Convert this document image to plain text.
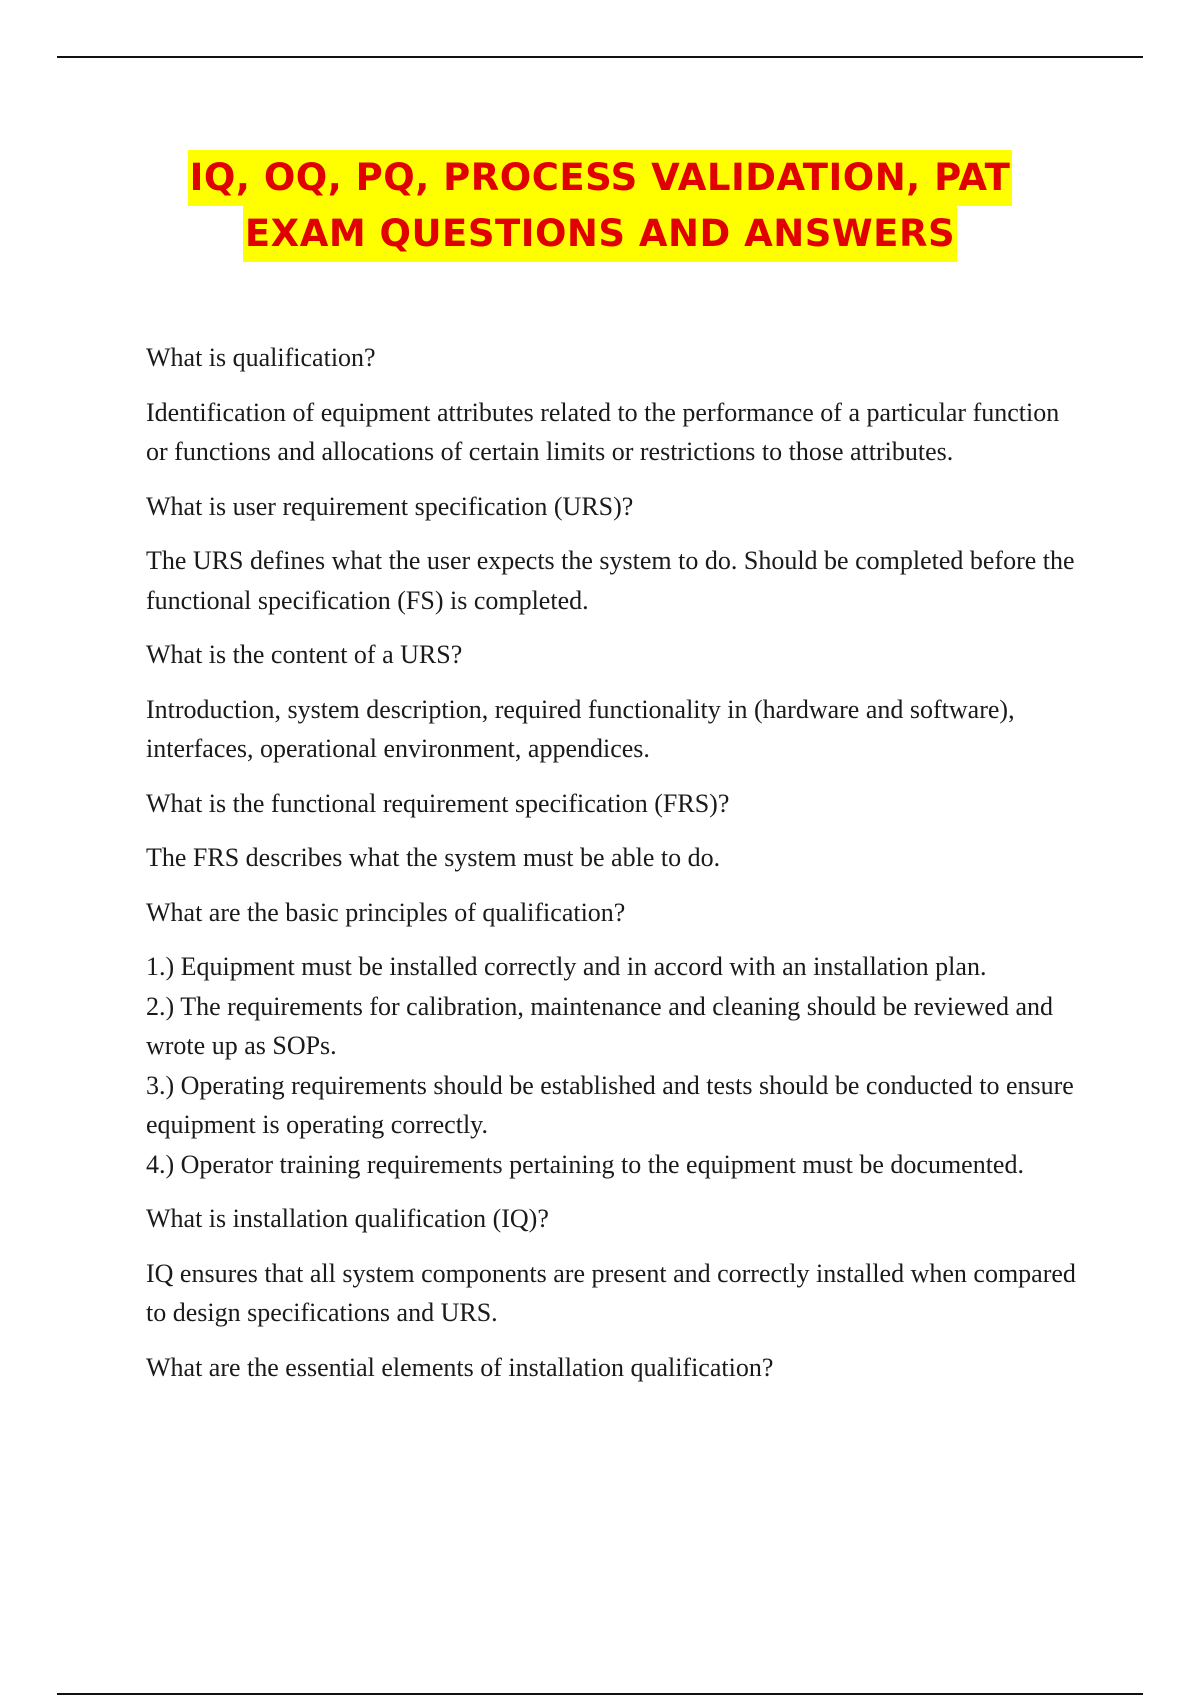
IQ, OQ, PQ, PROCESS VALIDATION, PAT
EXAM QUESTIONS AND ANSWERS

What is qualification?

Identification of equipment attributes related to the performance of a particular function or functions and allocations of certain limits or restrictions to those attributes.

What is user requirement specification (URS)?

The URS defines what the user expects the system to do. Should be completed before the functional specification (FS) is completed.

What is the content of a URS?

Introduction, system description, required functionality in (hardware and software), interfaces, operational environment, appendices.

What is the functional requirement specification (FRS)?

The FRS describes what the system must be able to do.

What are the basic principles of qualification?

1.) Equipment must be installed correctly and in accord with an installation plan.
2.) The requirements for calibration, maintenance and cleaning should be reviewed and wrote up as SOPs.
3.) Operating requirements should be established and tests should be conducted to ensure equipment is operating correctly.
4.) Operator training requirements pertaining to the equipment must be documented.

What is installation qualification (IQ)?

IQ ensures that all system components are present and correctly installed when compared to design specifications and URS.

What are the essential elements of installation qualification?
